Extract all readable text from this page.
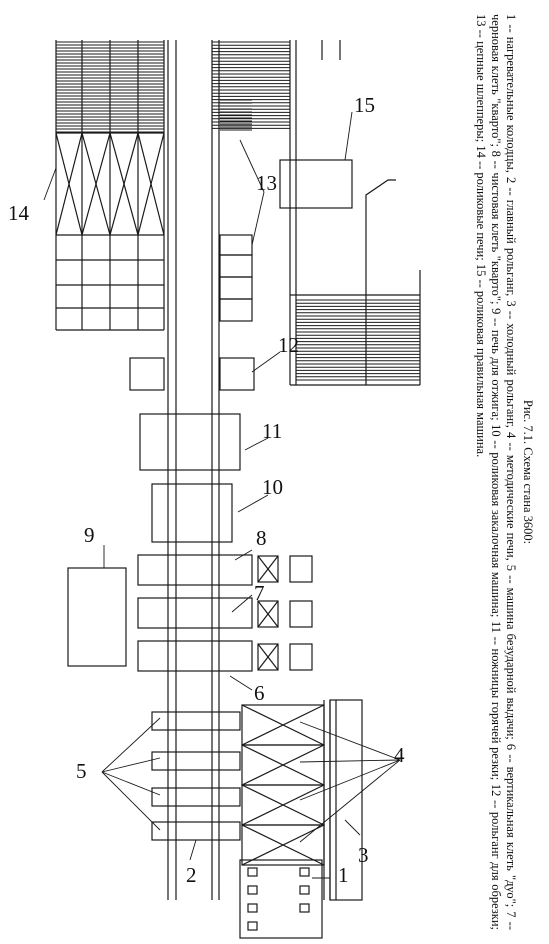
1
2
3
4
5
6
7
8
9
10
11
12
13
14
15
Рис. 7.1. Схема стана 3600:

1 -- нагревательные колодцы, 2 -- главный рольганг, 3 -- холодный рольганг, 4 -- методические печи, 5 -- машина безударной выдачи; 6 -- вертикальная клеть "дуо"; 7 -- черновая клеть "кварто"; 8 -- чистовая клеть "кварто"; 9 -- печь для отжига; 10 -- роликовая закалочная машина; 11 -- ножницы горячей резки; 12 -- рольганг для обрезки; 13 -- цепные шлепперы; 14 -- роликовые печи; 15 -- роликовая правильная машина.
